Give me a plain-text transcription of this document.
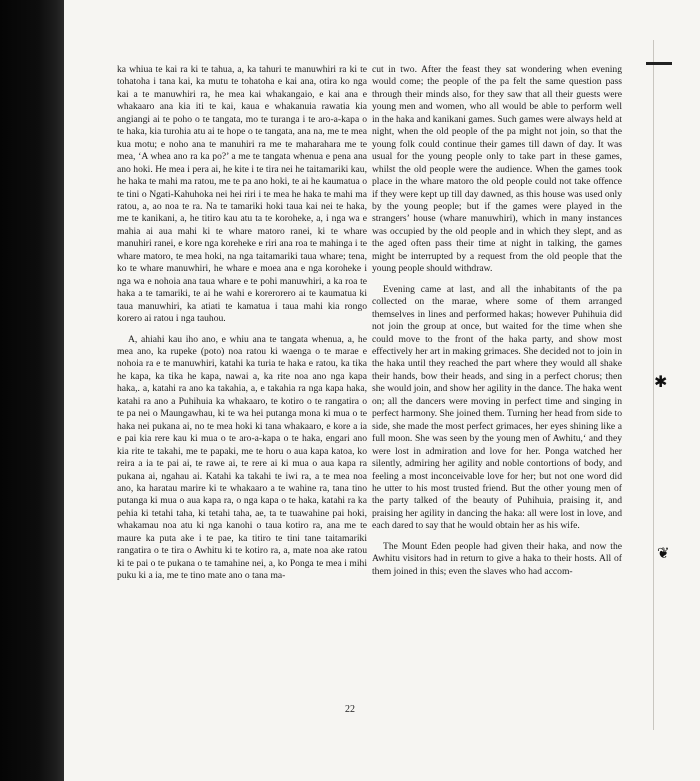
ka whiua te kai ra ki te tahua, a, ka tahuri te manuwhiri ra ki te tohatoha i tana kai, ka mutu te tohatoha e kai ana, otira ko nga kai a te manuwhiri ra, he mea kai whakangaio, e kai ana e whakaaro ana kia iti te kai, kaua e whakanuia rawatia kia angiangi ai te poho o te tangata, mo te turanga i te aro-a-kapa o te haka, kia turohia atu ai te hope o te tangata, ana na, me te mea kua motu; e noho ana te manuhiri ra me te maharahara me te mea, ‘A whea ano ra ka po?’ a me te tangata whenua e pena ana ano hoki. He mea i pera ai, he kite i te tira nei he taitamariki kau, he haka te mahi ma ratou, me te pa ano hoki, te ai he kaumatua o te tini o Ngati-Kahuhoka nei hei riri i te mea he haka te mahi ma ratou, a, ao noa te ra. Na te tamariki hoki taua kai nei te haka, me te kanikani, a, he titiro kau atu ta te koroheke, a, i nga wa e mahia ai aua mahi ki te whare matoro ranei, ki te whare manuhiri ranei, e kore nga koreheke e riri ana roa te mahinga i te whare matoro, te mea hoki, na nga taitamariki taua whare; tena, ko te whare manuwhiri, he whare e moea ana e nga koroheke i nga wa e nohoia ana taua whare e te pohi manuwhiri, a ka roa te haka a te tamariki, te ai he wahi e korerorero ai te kaumatua ki taua manuwhiri, ka atiati te kamatua i taua mahi kia rongo korero ai ratou i nga tauhou.

A, ahiahi kau iho ano, e whiu ana te tangata whenua, a, he mea ano, ka rupeke (poto) noa ratou ki waenga o te marae e nohoia ra e te manuwhiri, katahi ka turia te haka e ratou, ka tika he kapa, ka tika he kapa, nawai a, ka rite noa ano nga kapa haka,. a, katahi ra ano ka takahia, a, e takahia ra nga kapa haka, katahi ra ano a Puhihuia ka whakaaro, te kotiro o te rangatira o te pa nei o Maungawhau, ki te wa hei putanga mona ki mua o te haka nei pukana ai, no te mea hoki ki tana whakaaro, e kore a ia e pai kia rere kau ki mua o te aro-a-kapa o te haka, engari ano kia rite te takahi, me te papaki, me te horu o aua kapa katoa, ko reira a ia te pai ai, te rawe ai, te rere ai ki mua o aua kapa ra pukana ai, ngahau ai. Katahi ka takahi te iwi ra, a te mea noa ano, ka haratau marire ki te whakaaro a te wahine ra, tana tino putanga ki mua o aua kapa ra, o nga kapa o te haka, katahi ra ka pehia ki tetahi taha, ki tetahi taha, ae, ta te tuawahine pai hoki, whakamau noa atu ki nga kanohi o taua kotiro ra, ana me te maure ka puta ake i te pae, ka titiro te tini tane taitamariki rangatira o te tira o Awhitu ki te kotiro ra, a, mate noa ake ratou ki te pai o te pukana o te tamahine nei, a, ko Ponga te mea i mihi puku ki a ia, me te tino mate ano o tana ma-

cut in two. After the feast they sat wondering when evening would come; the people of the pa felt the same question pass through their minds also, for they saw that all their guests were young men and women, who all would be able to perform well in the haka and kanikani games. Such games were always held at night, when the old people of the pa might not join, so that the young folk could continue their games till dawn of day. It was usual for the young people only to take part in these games, whilst the old people were the audience. When the games took place in the whare matoro the old people could not take offence if they were kept up till day dawned, as this house was used only by the young people; but if the games were played in the strangers’ house (whare manuwhiri), which in many instances was occupied by the old people and in which they slept, and as the aged often pass their time at night in talking, the games might be interrupted by a request from the old people that the young people should withdraw.

Evening came at last, and all the inhabitants of the pa collected on the marae, where some of them arranged themselves in lines and performed hakas; however Puhihuia did not join the group at once, but waited for the time when she could move to the front of the haka party, and show most effectively her art in making grimaces. She decided not to join in the haka until they reached the part where they would all shake their hands, bow their heads, and sing in a perfect chorus; then she would join, and show her agility in the dance. The haka went on; all the dancers were moving in perfect time and singing in perfect harmony. She joined them. Turning her head from side to side, she made the most perfect grimaces, her eyes shining like a full moon. She was seen by the young men of Awhitu,‘ and they were lost in admiration and love for her. Ponga watched her silently, admiring her agility and noble contortions of body, and feeling a most inconceivable love for her; but not one word did he utter to his most trusted friend. But the other young men of the party talked of the beauty of Puhihuia, praising it, and praising her agility in dancing the haka: all were lost in love, and each dared to say that he would obtain her as his wife.

The Mount Eden people had given their haka, and now the Awhitu visitors had in return to give a haka to their hosts. All of them joined in this; even the slaves who had accom-

22
✱
❦
